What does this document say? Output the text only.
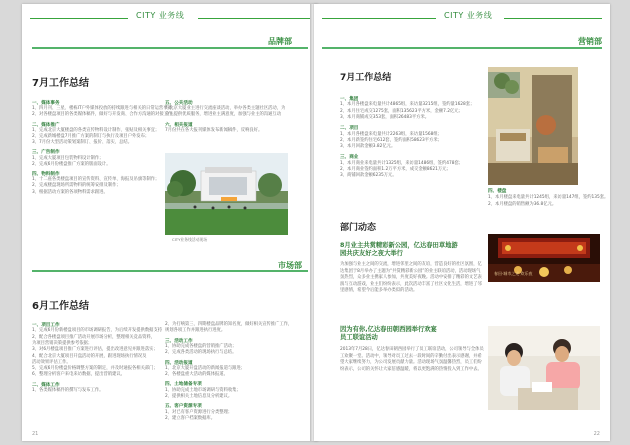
CITY 业务线
品牌部
7月工作总结
一、媒体事务
1、四月刊、三星、楼栋IT户外媒体投放的持续跟进与相关的日常运营事务；
2、对各楼盘项目的各类媒体稿件，做好与开发商、合作方沟通的对接工作。
二、媒体推广
1、完成北京大厦楼盘的各类宣传物料设计制作、张贴及相关事宜；
2、完成新城楼盘7月推广方案的制订与执行及项目户外发布；
3、7月份大型活动策划案制订、报价、落实、总结。
三、广告制作
1、完成大厦项目包装物料设计制作；
2、完成6月份楼盘推广方案的版面设计。
四、物料制作
1、十二座各类楼盘项目的宣传资料、宣传单、海报及吊旗等制作；
2、完成楼盘现场所需物料的统筹安排及制作；
3、根据活动方案的各项物料需求跟进。
五、公关活动
与北京大厦业主进行交流座谈活动，举办各类主题社区活动，为
业主提供优质服务，增进业主满意度，加强与业主的沟通互动
六、相关报道
7月份共在各大报刊媒体发布新闻稿件，反响良好。
CITY业务线活动现场
市场部
6月工作总结
一、项目工作
1、完成6月份新楼盘项目的市场调研报告，为后续开发提供数据支持
2、配合各楼盘项目推广活动开展市场分析，整理相关竞品资料，
为项目营销决策提供参考依据；
3、对6月楼盘项目推广方案进行评估，提出改进意见并跟进落实；
4、配合北京大厦项目开盘活动的开展，跟进现场执行情况及
活动效果评估工作。
5、完成6月份楼盘价格调整方案的制定，并及时通报各相关部门；
6、整理分析客户来电来访数据，提出营销建议。
二、媒体工作
1、各类媒体稿件的撰写与发布工作。
2、为打响第三、四期楼盘品牌的知名度，做好相关宣传推广工作，
规划各项工作并跟进执行进度。
三、活动工作
1、协助完成各楼盘的营销推广活动；
2、完成各类活动的现场执行与总结。
四、活动报道
1、北京大厦开盘活动的新闻报道与跟进；
2、各楼盘重大活动的媒体报道。
四、土地储备专项
1、协助完成土地市场调研与资料收集；
2、提供相关土地信息及分析建议。
五、客户资源专项
1、对已有客户资源进行分类整理；
2、建立客户档案数据库。
21
CITY 业务线
营销部
7月工作总结
一、集团
1、本月各楼盘来电量共计4865组，来访量3215组，签约量1628套；
2、本月住宅成交1275套，面积135623平方米，金额7.2亿元；
3、本月商铺成交353套，面积26483平方米。
二、项目
1、本月各楼盘来电量共计2263组，来访量1568组；
2、本月新签约住宅612套，签约面积58623平方米；
3、本月回款金额3.82亿元。
三、商业
1、本月商业来电量共计1325组，来访量1486组，签约478套；
2、本月商业签约面积1.2万平方米，成交金额8621万元；
3、商铺回款金额6235万元。
四、楼盘
1、本月楼盘来电量共计1245组，来访量147组，签约135套。
2、本月楼盘的销售额为36.8亿元。
部门动态
8月业主共赏精彩新公园，亿达春田草地游
园共庆友好之夜大举行
为加强与业主之间的交流，增进邻里之间的友谊，营造良好的社区氛围，亿达集团于8月举办了主题为“共赏精彩新公园”的业主联谊活动，活动现场气氛热烈，众多业主携家人参加，共度美好夜晚。活动中安排了精彩的文艺表演与互动游戏，业主们纷纷表示，此次活动丰富了社区文化生活，增进了邻里感情，希望今后能多举办类似的活动。
春田·城市之光 欢乐夜
因为有你,亿达春田朝西园举行欢宴
员工联谊活动
2013年7月28日，亿达春田朝西园举行了员工联谊活动，公司领导与全体员工欢聚一堂。活动中，领导对员工过去一段时间的辛勤付出表示感谢，并希望大家继续努力，为公司发展贡献力量。活动现场气氛温馨热烈，员工们纷纷表示，公司的关怀让大家倍感温暖，将以更饱满的热情投入到工作中去。
22
